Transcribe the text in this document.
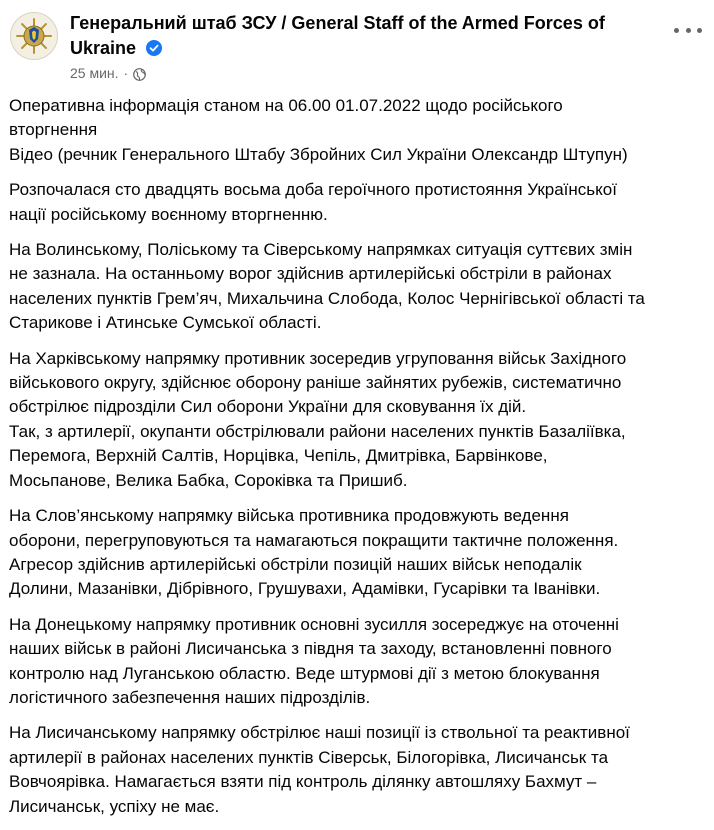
Генеральний штаб ЗСУ / General Staff of the Armed Forces of
Ukraine
25 мин. ·
Оперативна інформація станом на 06.00 01.07.2022 щодо російського
вторгнення
Відео (речник Генерального Штабу Збройних Сил України Олександр Штупун)
Розпочалася сто двадцять восьма доба героїчного протистояння Української
нації російському воєнному вторгненню.
На Волинському, Поліському та Сіверському напрямках ситуація суттєвих змін
не зазнала. На останньому ворог здійснив артилерійські обстріли в районах
населених пунктів Грем’яч, Михальчина Слобода, Колос Чернігівської області та
Старикове і Атинське Сумської області.
На Харківському напрямку противник зосередив угруповання військ Західного
військового округу, здійснює оборону раніше зайнятих рубежів, систематично
обстрілює підрозділи Сил оборони України для сковування їх дій.
Так, з артилерії, окупанти обстрілювали райони населених пунктів Базаліївка,
Перемога, Верхній Салтів, Норцівка, Чепіль, Дмитрівка, Барвінкове,
Мосьпанове, Велика Бабка, Сороківка та Пришиб.
На Слов’янському напрямку війська противника продовжують ведення
оборони, перегруповуються та намагаються покращити тактичне положення.
Агресор здійснив артилерійські обстріли позицій наших військ неподалік
Долини, Мазанівки, Дібрівного, Грушувахи, Адамівки, Гусарівки та Іванівки.
На Донецькому напрямку противник основні зусилля зосереджує на оточенні
наших військ в районі Лисичанська з півдня та заходу, встановленні повного
контролю над Луганською областю. Веде штурмові дії з метою блокування
логістичного забезпечення наших підрозділів.
На Лисичанському напрямку обстрілює наші позиції із ствольної та реактивної
артилерії в районах населених пунктів Сіверськ, Білогорівка, Лисичанськ та
Вовчоярівка. Намагається взяти під контроль ділянку автошляху Бахмут –
Лисичанськ, успіху не має.
